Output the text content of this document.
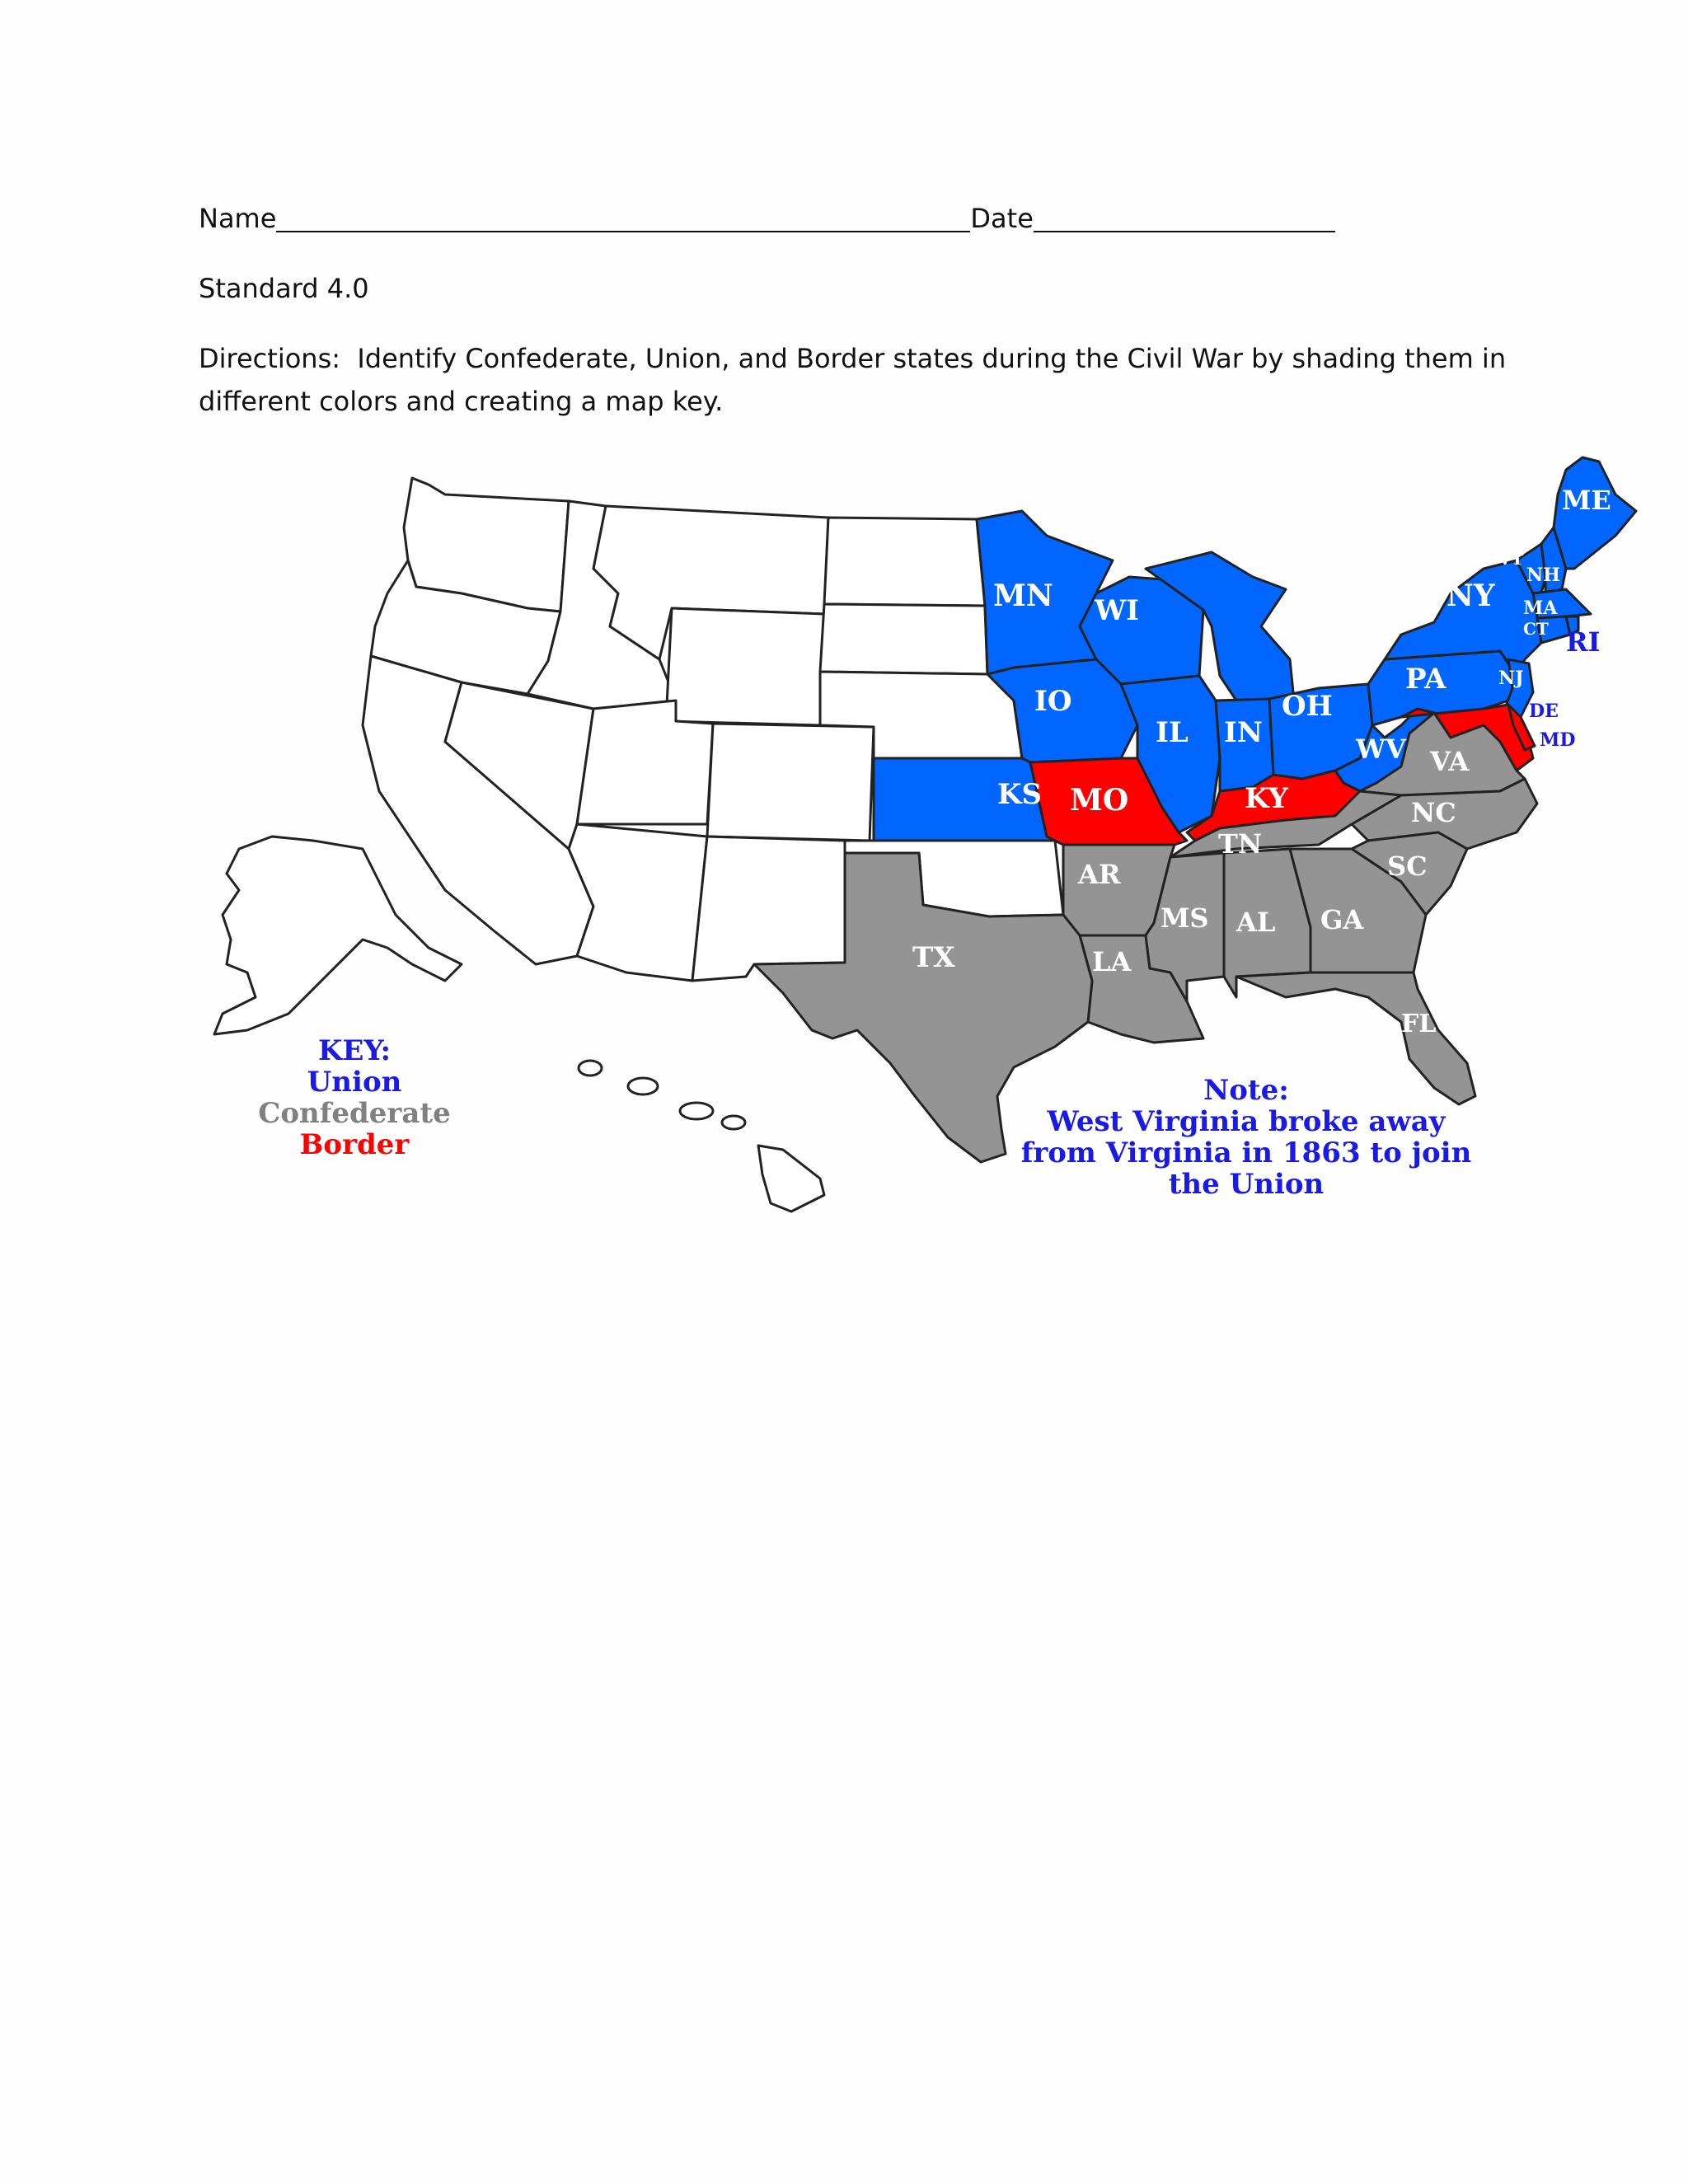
Name	Date
Standard 4.0
Directions:  Identify Confederate, Union, and Border states during the Civil War by shading them in
different colors and creating a map key.
ME
VT
NH
NY MA
CT RI
PA	NJ
DE
MD
MN WI
IO
IL IN
OH
WV VA
KS MO	KY	NC
TN
SC
AR
MS AL GA
TX	LA
FL
KEY:
Union
Confederate
Border
Note:
West Virginia broke away
from Virginia in 1863 to join
the Union
